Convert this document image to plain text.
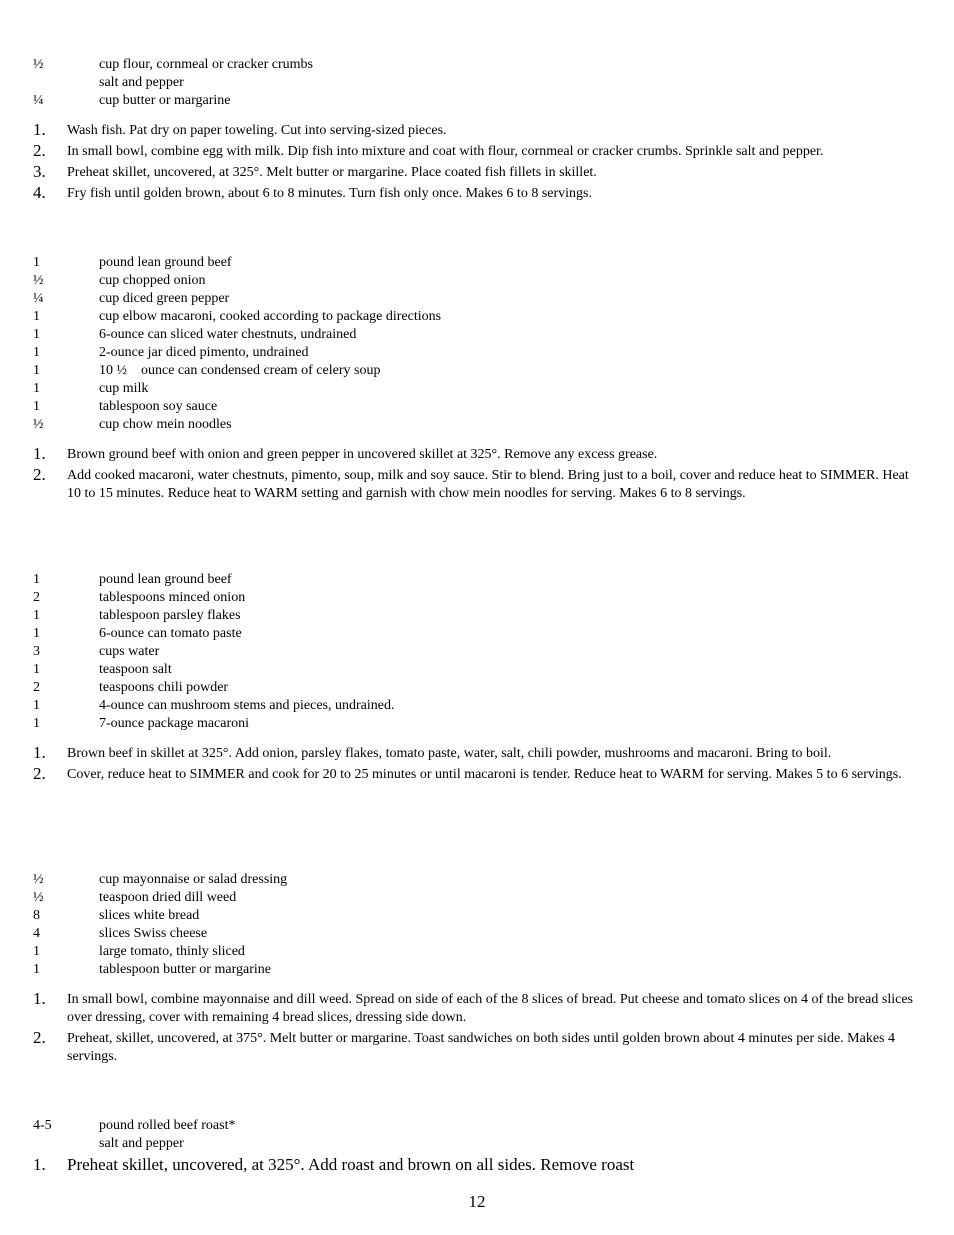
½	cup flour, cornmeal or cracker crumbs
salt and pepper
¼	cup butter or margarine
1. Wash fish. Pat dry on paper toweling. Cut into serving-sized pieces.
2. In small bowl, combine egg with milk. Dip fish into mixture and coat with flour, cornmeal or cracker crumbs. Sprinkle salt and pepper.
3. Preheat skillet, uncovered, at 325°. Melt butter or margarine. Place coated fish fillets in skillet.
4. Fry fish until golden brown, about 6 to 8 minutes. Turn fish only once. Makes 6 to 8 servings.
1	pound lean ground beef
½	cup chopped onion
¼	cup diced green pepper
1	cup elbow macaroni, cooked according to package directions
1	6-ounce can sliced water chestnuts, undrained
1	2-ounce jar diced pimento, undrained
1	10 ½    ounce can condensed cream of celery soup
1	cup milk
1	tablespoon soy sauce
½	cup chow mein noodles
1. Brown ground beef with onion and green pepper in uncovered skillet at 325°. Remove any excess grease.
2. Add cooked macaroni, water chestnuts, pimento, soup, milk and soy sauce. Stir to blend. Bring just to a boil, cover and reduce heat to SIMMER. Heat 10 to 15 minutes. Reduce heat to WARM setting and garnish with chow mein noodles for serving. Makes 6 to 8 servings.
1	pound lean ground beef
2	tablespoons minced onion
1	tablespoon parsley flakes
1	6-ounce can tomato paste
3	cups water
1	teaspoon salt
2	teaspoons chili powder
1	4-ounce can mushroom stems and pieces, undrained.
1	7-ounce package macaroni
1. Brown beef in skillet at 325°. Add onion, parsley flakes, tomato paste, water, salt, chili powder, mushrooms and macaroni. Bring to boil.
2. Cover, reduce heat to SIMMER and cook for 20 to 25 minutes or until macaroni is tender. Reduce heat to WARM for serving. Makes 5 to 6 servings.
½	cup mayonnaise or salad dressing
½	teaspoon dried dill weed
8	slices white bread
4	slices Swiss cheese
1	large tomato, thinly sliced
1	tablespoon butter or margarine
1. In small bowl, combine mayonnaise and dill weed. Spread on side of each of the 8 slices of bread. Put cheese and tomato slices on 4 of the bread slices over dressing, cover with remaining 4 bread slices, dressing side down.
2. Preheat, skillet, uncovered, at 375°. Melt butter or margarine. Toast sandwiches on both sides until golden brown about 4 minutes per side. Makes 4 servings.
4-5	pound rolled beef roast*
salt and pepper
1. Preheat skillet, uncovered, at 325°. Add roast and brown on all sides. Remove roast
12
